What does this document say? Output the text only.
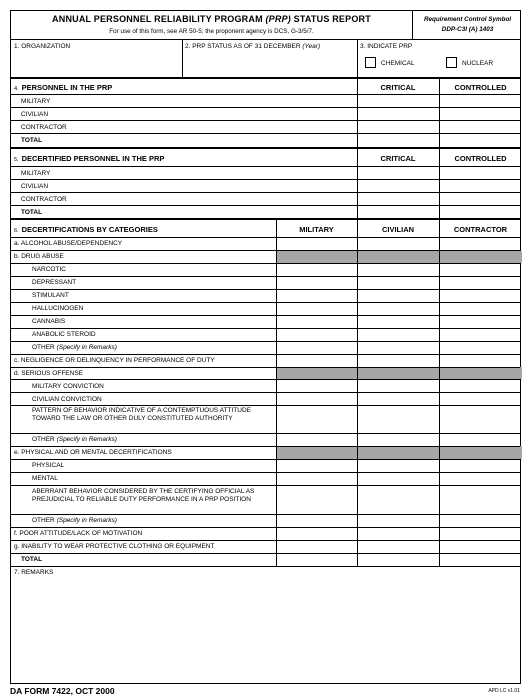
ANNUAL PERSONNEL RELIABILITY PROGRAM (PRP) STATUS REPORT
For use of this form, see AR 50-5; the proponent agency is DCS, G-3/5/7.
Requirement Control Symbol
DDP-C3I (A) 1403
1. ORGANIZATION	2. PRP STATUS AS OF 31 DECEMBER (Year)	3. INDICATE PRP
CHEMICAL	NUCLEAR
4. PERSONNEL IN THE PRP	CRITICAL	CONTROLLED
MILITARY
CIVILIAN
CONTRACTOR
TOTAL
5. DECERTIFIED PERSONNEL IN THE PRP	CRITICAL	CONTROLLED
MILITARY
CIVILIAN
CONTRACTOR
TOTAL
6. DECERTIFICATIONS BY CATEGORIES	MILITARY	CIVILIAN	CONTRACTOR
a. ALCOHOL ABUSE/DEPENDENCY
b. DRUG ABUSE
NARCOTIC
DEPRESSANT
STIMULANT
HALLUCINOGEN
CANNABIS
ANABOLIC STEROID
OTHER (Specify in Remarks)
c. NEGLIGENCE OR DELINQUENCY IN PERFORMANCE OF DUTY
d. SERIOUS OFFENSE
MILITARY CONVICTION
CIVILIAN CONVICTION
PATTERN OF BEHAVIOR INDICATIVE OF A CONTEMPTUOUS ATTITUDE TOWARD THE LAW OR OTHER DULY CONSTITUTED AUTHORITY
OTHER (Specify in Remarks)
e. PHYSICAL AND OR MENTAL DECERTIFICATIONS
PHYSICAL
MENTAL
ABERRANT BEHAVIOR CONSIDERED BY THE CERTIFYING OFFICIAL AS PREJUDICIAL TO RELIABLE DUTY PERFORMANCE IN A PRP POSITION
OTHER (Specify in Remarks)
f. POOR ATTITUDE/LACK OF MOTIVATION
g. INABILITY TO WEAR PROTECTIVE CLOTHING OR EQUIPMENT
TOTAL
7. REMARKS
DA FORM 7422, OCT 2000	APD LC v1.01
